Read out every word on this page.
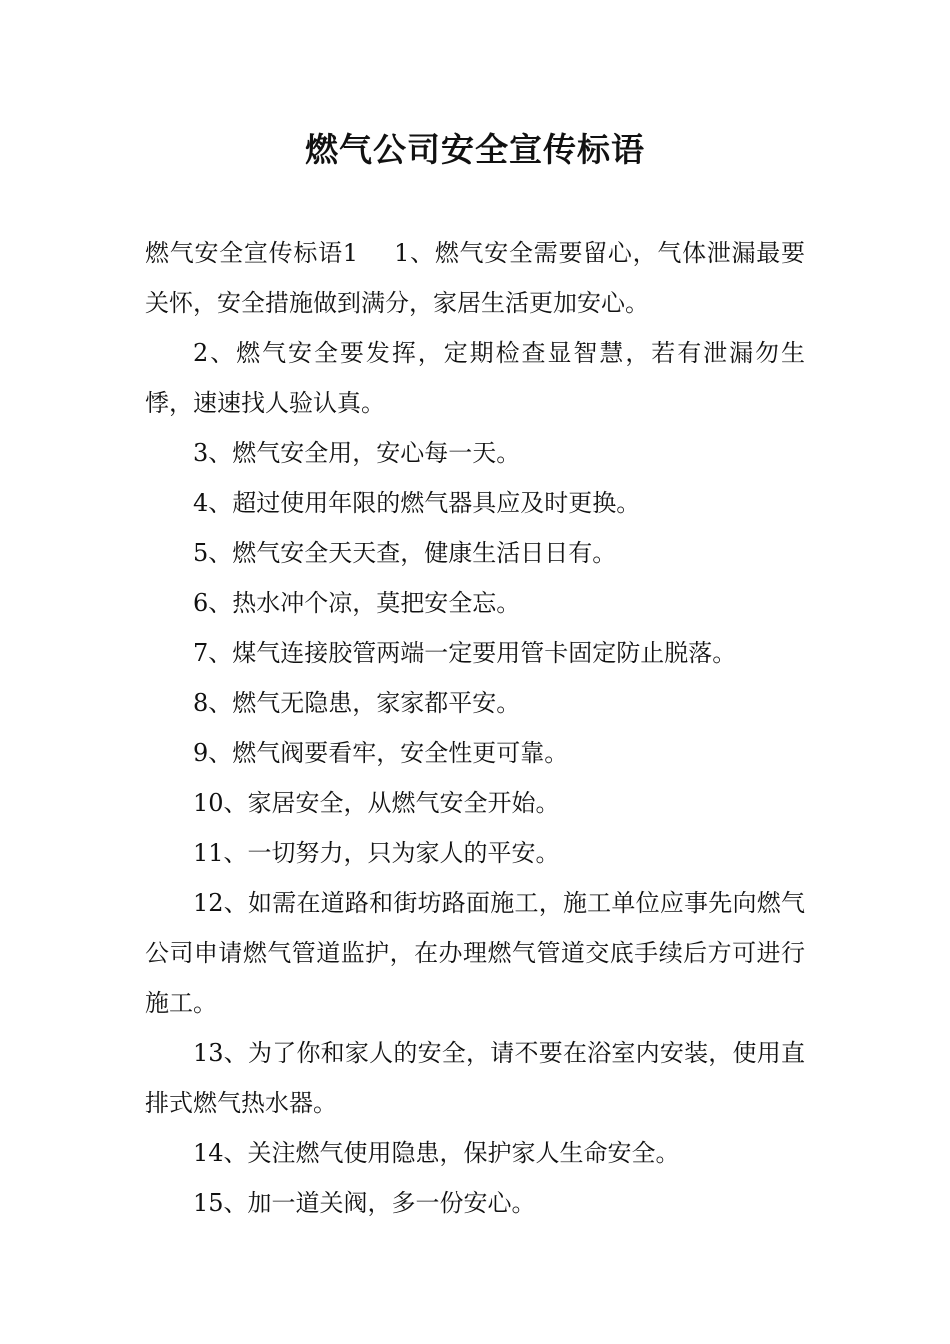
燃气公司安全宣传标语

燃气安全宣传标语1 1、燃气安全需要留心，气体泄漏最要关怀，安全措施做到满分，家居生活更加安心。

2、燃气安全要发挥，定期检查显智慧，若有泄漏勿生悸，速速找人验认真。

3、燃气安全用，安心每一天。

4、超过使用年限的燃气器具应及时更换。

5、燃气安全天天查，健康生活日日有。

6、热水冲个凉，莫把安全忘。

7、煤气连接胶管两端一定要用管卡固定防止脱落。

8、燃气无隐患，家家都平安。

9、燃气阀要看牢，安全性更可靠。

10、家居安全，从燃气安全开始。

11、一切努力，只为家人的平安。

12、如需在道路和街坊路面施工，施工单位应事先向燃气公司申请燃气管道监护，在办理燃气管道交底手续后方可进行施工。

13、为了你和家人的安全，请不要在浴室内安装，使用直排式燃气热水器。

14、关注燃气使用隐患，保护家人生命安全。

15、加一道关阀，多一份安心。
